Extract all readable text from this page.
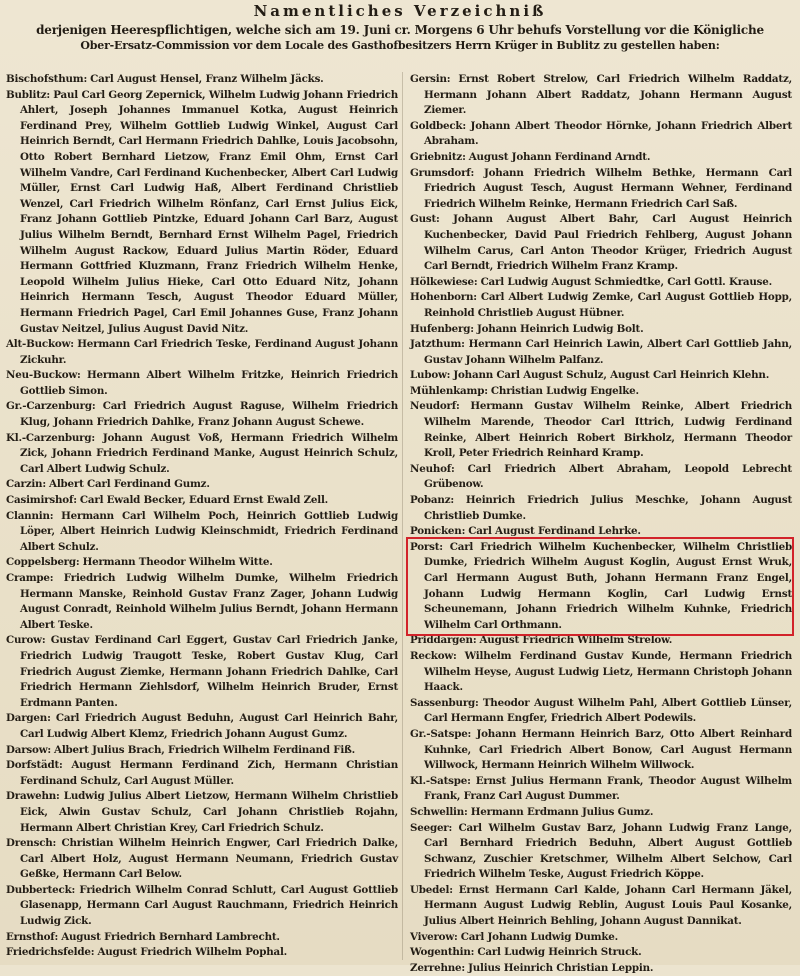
Namentliches Verzeichniß
derjenigen Heerespflichtigen, welche sich am 19. Juni cr. Morgens 6 Uhr behufs Vorstellung vor die Königliche
Ober-Ersatz-Commission vor dem Locale des Gasthofbesitzers Herrn Krüger in Bublitz zu gestellen haben:

Bischofsthum: Carl August Hensel, Franz Wilhelm Jäcks.

Bublitz: Paul Carl Georg Zepernick, Wilhelm Ludwig Johann Friedrich Ahlert, Joseph Johannes Immanuel Kotka, August Heinrich Ferdinand Prey, Wilhelm Gottlieb Ludwig Winkel, August Carl Heinrich Berndt, Carl Hermann Friedrich Dahlke, Louis Jacobsohn, Otto Robert Bernhard Lietzow, Franz Emil Ohm, Ernst Carl Wilhelm Vandre, Carl Ferdinand Kuchenbecker, Albert Carl Ludwig Müller, Ernst Carl Ludwig Haß, Albert Ferdinand Christlieb Wenzel, Carl Friedrich Wilhelm Rönfanz, Carl Ernst Julius Eick, Franz Johann Gottlieb Pintzke, Eduard Johann Carl Barz, August Julius Wilhelm Berndt, Bernhard Ernst Wilhelm Pagel, Friedrich Wilhelm August Rackow, Eduard Julius Martin Röder, Eduard Hermann Gottfried Kluzmann, Franz Friedrich Wilhelm Henke, Leopold Wilhelm Julius Hieke, Carl Otto Eduard Nitz, Johann Heinrich Hermann Tesch, August Theodor Eduard Müller, Hermann Friedrich Pagel, Carl Emil Johannes Guse, Franz Johann Gustav Neitzel, Julius August David Nitz.

Alt-Buckow: Hermann Carl Friedrich Teske, Ferdinand August Johann Zickuhr.

Neu-Buckow: Hermann Albert Wilhelm Fritzke, Heinrich Friedrich Gottlieb Simon.

Gr.-Carzenburg: Carl Friedrich August Raguse, Wilhelm Friedrich Klug, Johann Friedrich Dahlke, Franz Johann August Schewe.

Kl.-Carzenburg: Johann August Voß, Hermann Friedrich Wilhelm Zick, Johann Friedrich Ferdinand Manke, August Heinrich Schulz, Carl Albert Ludwig Schulz.

Carzin: Albert Carl Ferdinand Gumz.

Casimirshof: Carl Ewald Becker, Eduard Ernst Ewald Zell.

Clannin: Hermann Carl Wilhelm Poch, Heinrich Gottlieb Ludwig Löper, Albert Heinrich Ludwig Kleinschmidt, Friedrich Ferdinand Albert Schulz.

Coppelsberg: Hermann Theodor Wilhelm Witte.

Crampe: Friedrich Ludwig Wilhelm Dumke, Wilhelm Friedrich Hermann Manske, Reinhold Gustav Franz Zager, Johann Ludwig August Conradt, Reinhold Wilhelm Julius Berndt, Johann Hermann Albert Teske.

Curow: Gustav Ferdinand Carl Eggert, Gustav Carl Friedrich Janke, Friedrich Ludwig Traugott Teske, Robert Gustav Klug, Carl Friedrich August Ziemke, Hermann Johann Friedrich Dahlke, Carl Friedrich Hermann Ziehlsdorf, Wilhelm Heinrich Bruder, Ernst Erdmann Panten.

Dargen: Carl Friedrich August Beduhn, August Carl Heinrich Bahr, Carl Ludwig Albert Klemz, Friedrich Johann August Gumz.

Darsow: Albert Julius Brach, Friedrich Wilhelm Ferdinand Fiß.

Dorfstädt: August Hermann Ferdinand Zich, Hermann Christian Ferdinand Schulz, Carl August Müller.

Drawehn: Ludwig Julius Albert Lietzow, Hermann Wilhelm Christlieb Eick, Alwin Gustav Schulz, Carl Johann Christlieb Rojahn, Hermann Albert Christian Krey, Carl Friedrich Schulz.

Drensch: Christian Wilhelm Heinrich Engwer, Carl Friedrich Dalke, Carl Albert Holz, August Hermann Neumann, Friedrich Gustav Geßke, Hermann Carl Below.

Dubberteck: Friedrich Wilhelm Conrad Schlutt, Carl August Gottlieb Glasenapp, Hermann Carl August Rauchmann, Friedrich Heinrich Ludwig Zick.

Ernsthof: August Friedrich Bernhard Lambrecht.

Friedrichsfelde: August Friedrich Wilhelm Pophal.

Gersin: Ernst Robert Strelow, Carl Friedrich Wilhelm Raddatz, Hermann Johann Albert Raddatz, Johann Hermann August Ziemer.

Goldbeck: Johann Albert Theodor Hörnke, Johann Friedrich Albert Abraham.

Griebnitz: August Johann Ferdinand Arndt.

Grumsdorf: Johann Friedrich Wilhelm Bethke, Hermann Carl Friedrich August Tesch, August Hermann Wehner, Ferdinand Friedrich Wilhelm Reinke, Hermann Friedrich Carl Saß.

Gust: Johann August Albert Bahr, Carl August Heinrich Kuchenbecker, David Paul Friedrich Fehlberg, August Johann Wilhelm Carus, Carl Anton Theodor Krüger, Friedrich August Carl Berndt, Friedrich Wilhelm Franz Kramp.

Hölkewiese: Carl Ludwig August Schmiedtke, Carl Gottl. Krause.

Hohenborn: Carl Albert Ludwig Zemke, Carl August Gottlieb Hopp, Reinhold Christlieb August Hübner.

Hufenberg: Johann Heinrich Ludwig Bolt.

Jatzthum: Hermann Carl Heinrich Lawin, Albert Carl Gottlieb Jahn, Gustav Johann Wilhelm Palfanz.

Lubow: Johann Carl August Schulz, August Carl Heinrich Klehn.

Mühlenkamp: Christian Ludwig Engelke.

Neudorf: Hermann Gustav Wilhelm Reinke, Albert Friedrich Wilhelm Marende, Theodor Carl Ittrich, Ludwig Ferdinand Reinke, Albert Heinrich Robert Birkholz, Hermann Theodor Kroll, Peter Friedrich Reinhard Kramp.

Neuhof: Carl Friedrich Albert Abraham, Leopold Lebrecht Grübenow.

Pobanz: Heinrich Friedrich Julius Meschke, Johann August Christlieb Dumke.

Ponicken: Carl August Ferdinand Lehrke.

Porst: Carl Friedrich Wilhelm Kuchenbecker, Wilhelm Christlieb Dumke, Friedrich Wilhelm August Koglin, August Ernst Wruk, Carl Hermann August Buth, Johann Hermann Franz Engel, Johann Ludwig Hermann Koglin, Carl Ludwig Ernst Scheunemann, Johann Friedrich Wilhelm Kuhnke, Friedrich Wilhelm Carl Orthmann.

Priddargen: August Friedrich Wilhelm Strelow.

Reckow: Wilhelm Ferdinand Gustav Kunde, Hermann Friedrich Wilhelm Heyse, August Ludwig Lietz, Hermann Christoph Johann Haack.

Sassenburg: Theodor August Wilhelm Pahl, Albert Gottlieb Lünser, Carl Hermann Engfer, Friedrich Albert Podewils.

Gr.-Satspe: Johann Hermann Heinrich Barz, Otto Albert Reinhard Kuhnke, Carl Friedrich Albert Bonow, Carl August Hermann Willwock, Hermann Heinrich Wilhelm Willwock.

Kl.-Satspe: Ernst Julius Hermann Frank, Theodor August Wilhelm Frank, Franz Carl August Dummer.

Schwellin: Hermann Erdmann Julius Gumz.

Seeger: Carl Wilhelm Gustav Barz, Johann Ludwig Franz Lange, Carl Bernhard Friedrich Beduhn, Albert August Gottlieb Schwanz, Zuschier Kretschmer, Wilhelm Albert Selchow, Carl Friedrich Wilhelm Teske, August Friedrich Köppe.

Ubedel: Ernst Hermann Carl Kalde, Johann Carl Hermann Jäkel, Hermann August Ludwig Reblin, August Louis Paul Kosanke, Julius Albert Heinrich Behling, Johann August Dannikat.

Viverow: Carl Johann Ludwig Dumke.

Wogenthin: Carl Ludwig Heinrich Struck.

Zerrehne: Julius Heinrich Christian Leppin.
